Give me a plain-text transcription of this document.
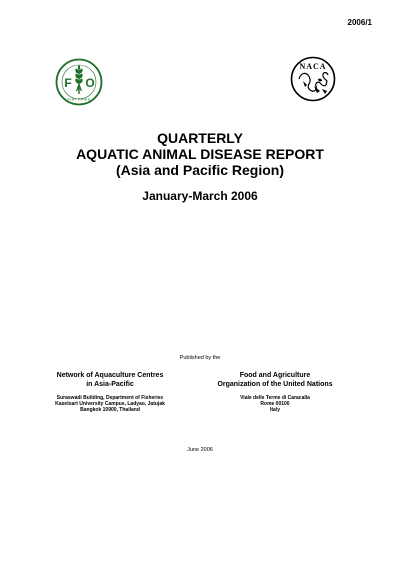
2006/1
F O
A
FIAT PANIS
NACA
QUARTERLY
AQUATIC ANIMAL DISEASE REPORT
(Asia and Pacific Region)
January-March 2006
Published by the
Network of Aquaculture Centres
in Asia-Pacific
Suraswadi Building, Department of Fisheries
Kasetsart University Campus, Ladyao, Jatujak
Bangkok 10900, Thailand
Food and Agriculture
Organization of the United Nations
Viale delle Terme di Caracalla
Rome 00100
Italy
June 2006
